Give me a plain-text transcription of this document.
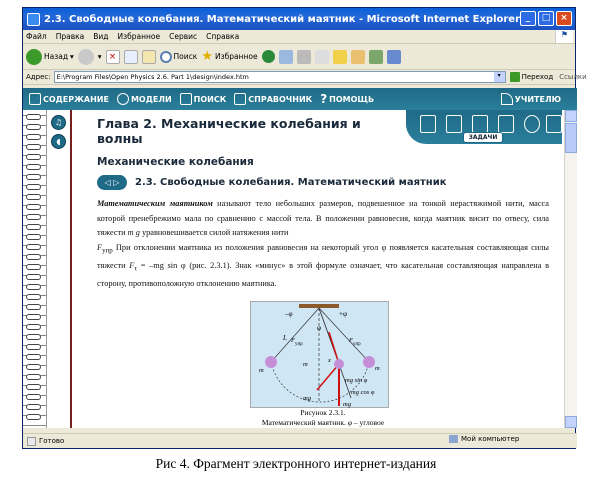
2.3. Свободные колебания. Математический маятник - Microsoft Internet Explorer _	□	×
Файл Правка Вид Избранное Сервис Справка	⚑
Назад ▾	▾ ×	Поиск ★ Избранное
Адрес: E:\Program Files\Open Physics 2.6. Part 1\design\index.htm	▾	Переход Ссылки
СОДЕРЖАНИЕ	МОДЕЛИ	ПОИСК	СПРАВОЧНИК ? ПОМОЩЬ	УЧИТЕЛЮ
♫
◖	ЗАДАЧИ
Глава 2. Механические колебания и волны
Механические колебания
◁ ▷	2.3. Свободные колебания. Математический маятник
Математическим маятником называют тело небольших размеров, подвешенное на тонкой нерастяжимой нити, масса которой пренебрежимо мала по сравнению с массой тела. В положении равновесия, когда маятник висит по отвесу, сила тяжести m g уравновешивается силой натяжения нити
$F_{упр}$ При отклонении маятника из положения равновесия на некоторый угол φ появляется касательная составляющая силы тяжести $F_\tau = -mg$ sin φ (рис. 2.3.1). Знак «минус» в этой формуле означает, что касательная составляющая направлена в сторону, противоположную отклонению маятника.
–φ	+φ
L
φ
F
упр
F
упр
m	m
m
x
mg sin φ
mg cos φ
mg
mg
Рисунок 2.3.1.
Математический маятник. φ – угловое
Готово	Мой компьютер
Рис 4. Фрагмент электронного интернет-издания
